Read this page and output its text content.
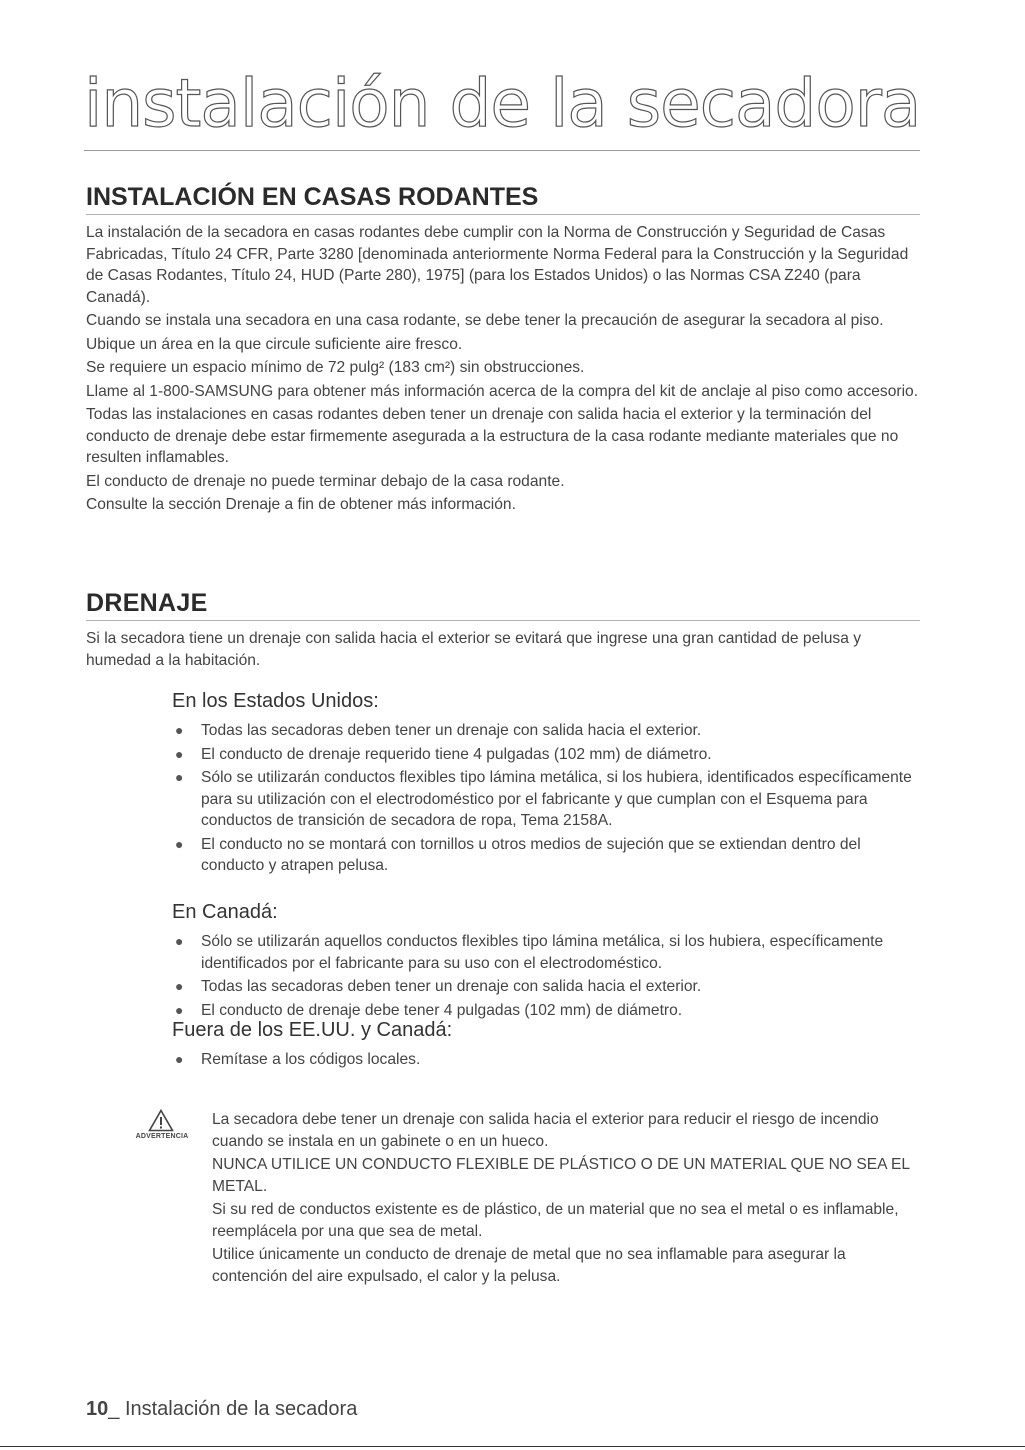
instalación de la secadora
INSTALACIÓN EN CASAS RODANTES

La instalación de la secadora en casas rodantes debe cumplir con la Norma de Construcción y Seguridad de Casas Fabricadas, Título 24 CFR, Parte 3280 [denominada anteriormente Norma Federal para la Construcción y la Seguridad de Casas Rodantes, Título 24, HUD (Parte 280), 1975] (para los Estados Unidos) o las Normas CSA Z240 (para Canadá).

Cuando se instala una secadora en una casa rodante, se debe tener la precaución de asegurar la secadora al piso.

Ubique un área en la que circule suficiente aire fresco.

Se requiere un espacio mínimo de 72 pulg² (183 cm²) sin obstrucciones.

Llame al 1-800-SAMSUNG para obtener más información acerca de la compra del kit de anclaje al piso como accesorio.

Todas las instalaciones en casas rodantes deben tener un drenaje con salida hacia el exterior y la terminación del conducto de drenaje debe estar firmemente asegurada a la estructura de la casa rodante mediante materiales que no resulten inflamables.

El conducto de drenaje no puede terminar debajo de la casa rodante.

Consulte la sección Drenaje a fin de obtener más información.

DRENAJE

Si la secadora tiene un drenaje con salida hacia el exterior se evitará que ingrese una gran cantidad de pelusa y humedad a la habitación.

En los Estados Unidos:
● Todas las secadoras deben tener un drenaje con salida hacia el exterior.
● El conducto de drenaje requerido tiene 4 pulgadas (102 mm) de diámetro.
● Sólo se utilizarán conductos flexibles tipo lámina metálica, si los hubiera, identificados específicamente para su utilización con el electrodoméstico por el fabricante y que cumplan con el Esquema para conductos de transición de secadora de ropa, Tema 2158A.
● El conducto no se montará con tornillos u otros medios de sujeción que se extiendan dentro del conducto y atrapen pelusa.
En Canadá:
● Sólo se utilizarán aquellos conductos flexibles tipo lámina metálica, si los hubiera, específicamente identificados por el fabricante para su uso con el electrodoméstico.
● Todas las secadoras deben tener un drenaje con salida hacia el exterior.
● El conducto de drenaje debe tener 4 pulgadas (102 mm) de diámetro.
Fuera de los EE.UU. y Canadá:
● Remítase a los códigos locales.
ADVERTENCIA

La secadora debe tener un drenaje con salida hacia el exterior para reducir el riesgo de incendio cuando se instala en un gabinete o en un hueco.

NUNCA UTILICE UN CONDUCTO FLEXIBLE DE PLÁSTICO O DE UN MATERIAL QUE NO SEA EL METAL.

Si su red de conductos existente es de plástico, de un material que no sea el metal o es inflamable, reemplácela por una que sea de metal.

Utilice únicamente un conducto de drenaje de metal que no sea inflamable para asegurar la contención del aire expulsado, el calor y la pelusa.

10_ Instalación de la secadora
